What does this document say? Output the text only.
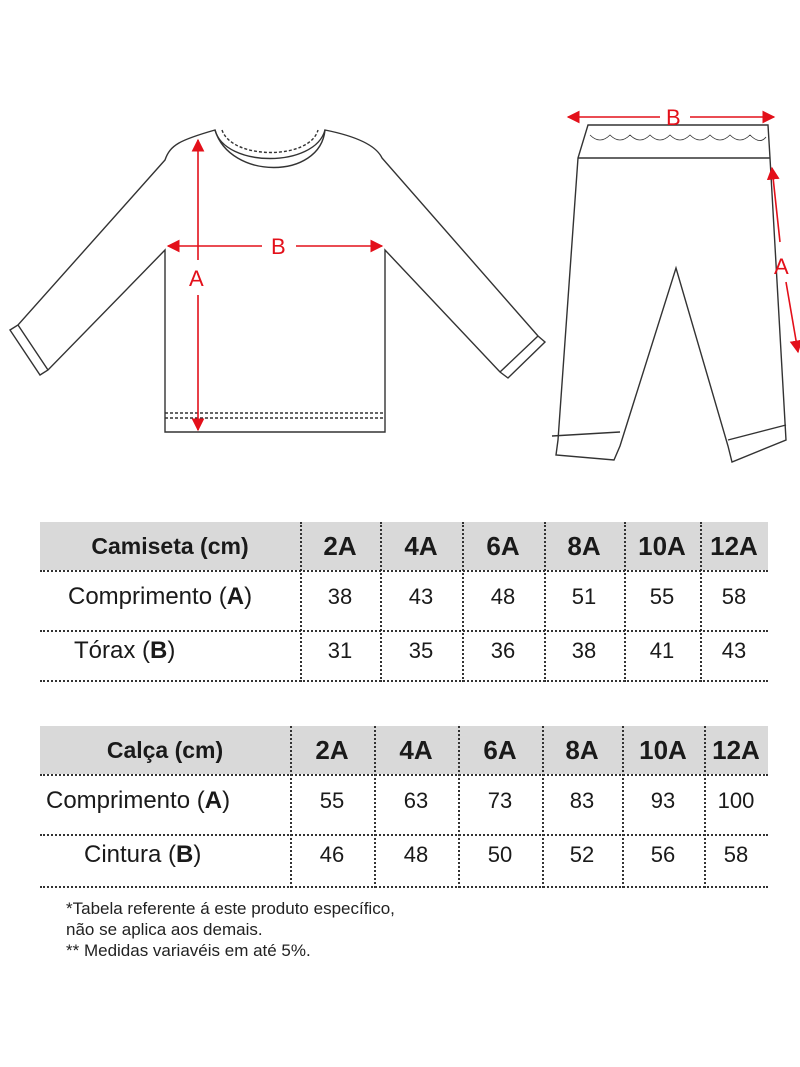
B
A
B
A
Camiseta (cm)	2A	4A	6A	8A	10A 12A
Comprimento (A)	38	43	48	51	55	58
Tórax (B)	31	35	36	38	41	43
Calça (cm)	2A	4A	6A	8A	10A 12A
Comprimento (A)	55	63	73	83	93	100
Cintura (B)	46	48	50	52	56	58
*Tabela referente á este produto específico,
não se aplica aos demais.
** Medidas variavéis em até 5%.
